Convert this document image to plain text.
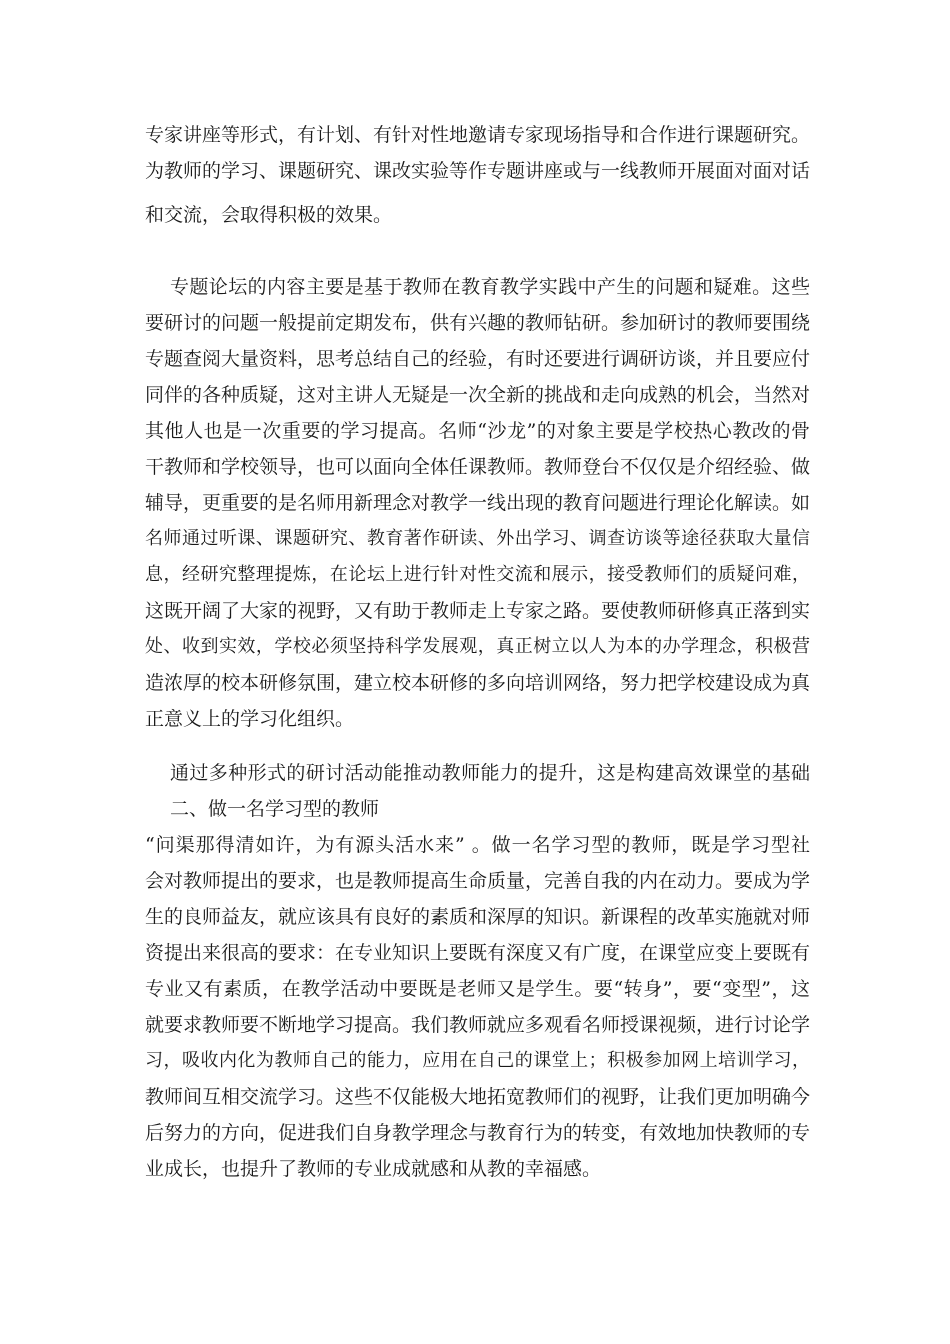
专家讲座等形式，有计划、有针对性地邀请专家现场指导和合作进行课题研究。
为教师的学习、课题研究、课改实验等作专题讲座或与一线教师开展面对面对话
和交流，会取得积极的效果。
专题论坛的内容主要是基于教师在教育教学实践中产生的问题和疑难。这些
要研讨的问题一般提前定期发布，供有兴趣的教师钻研。参加研讨的教师要围绕
专题查阅大量资料，思考总结自己的经验，有时还要进行调研访谈，并且要应付
同伴的各种质疑，这对主讲人无疑是一次全新的挑战和走向成熟的机会，当然对
其他人也是一次重要的学习提高。名师“沙龙”的对象主要是学校热心教改的骨
干教师和学校领导，也可以面向全体任课教师。教师登台不仅仅是介绍经验、做
辅导，更重要的是名师用新理念对教学一线出现的教育问题进行理论化解读。如
名师通过听课、课题研究、教育著作研读、外出学习、调查访谈等途径获取大量信
息，经研究整理提炼，在论坛上进行针对性交流和展示，接受教师们的质疑问难，
这既开阔了大家的视野，又有助于教师走上专家之路。要使教师研修真正落到实
处、收到实效，学校必须坚持科学发展观，真正树立以人为本的办学理念，积极营
造浓厚的校本研修氛围，建立校本研修的多向培训网络，努力把学校建设成为真
正意义上的学习化组织。
通过多种形式的研讨活动能推动教师能力的提升，这是构建高效课堂的基础
二、做一名学习型的教师
“问渠那得清如许，为有源头活水来” 。做一名学习型的教师，既是学习型社
会对教师提出的要求，也是教师提高生命质量，完善自我的内在动力。要成为学
生的良师益友，就应该具有良好的素质和深厚的知识。新课程的改革实施就对师
资提出来很高的要求：在专业知识上要既有深度又有广度，在课堂应变上要既有
专业又有素质，在教学活动中要既是老师又是学生。要“转身”，要“变型”，这
就要求教师要不断地学习提高。我们教师就应多观看名师授课视频，进行讨论学
习，吸收内化为教师自己的能力，应用在自己的课堂上；积极参加网上培训学习，
教师间互相交流学习。这些不仅能极大地拓宽教师们的视野，让我们更加明确今
后努力的方向，促进我们自身教学理念与教育行为的转变，有效地加快教师的专
业成长，也提升了教师的专业成就感和从教的幸福感。
